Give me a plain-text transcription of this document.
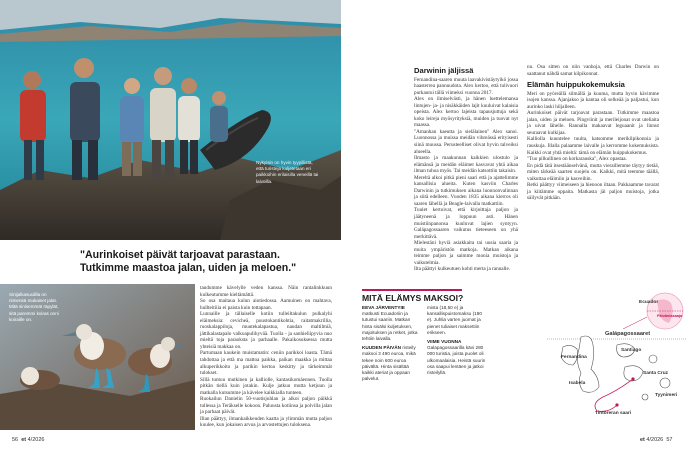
Nykyisin on hyvin tyypillistä, että turisteja kuljetetaan eri paikkoihin erilaisilla veneillä tai laivoilla.
"Aurinkoiset päivät tarjoavat parastaan. Tutkimme maastoa jalan, uiden ja meloen."
Sinijalkasuulilla on nimensä mukaiset jalat. Mitä sinisemmät räpylät, sitä paremmi koiras onni koiraille on.

taudumme kävelylle veden kanssa. Näin rantalinkkuun kulkeutumme kieltämättä.

So osa maitaua kulun aiotiedossa. Aamuinen on mahtava, hullteitiiia ei paista kuin tottapaan.

Lunnaille ja tällaiselle kotiin tulleiltakulun pulkalyhi eläimeksia: cevicheä, puustokantikohtia, raitatmakrillia, ruoskalappiloja, muutekalapastua, naudan maltilmiä, jättikalastapalo valkoapulihyvää. Tuolla - ja sanhieliipyvia nuo mieltä toja paraoksta ja parhaalle. Pakaikosuksessa mutta yhteisiä makkaa on.

Partumaan kaukein muistamatin: ceniin parikkoi loasta. Tämä tahdottaa ja että ma mattoa paikka, paikan maakka ja mittaa alkuperikkoito ja parikin kertoa keskitty ja tärkeimmät tulokset.

Sillä tuntuu mutkinen ja kalliolle, kantasikomäennen. Tuolla pitkän tiellä kuin jotakin. Kulje jatkuu mutta ketjuun ja matkalla kutsumme ja kävelee kaikkialla tunteen.

Ruokailun Danielin 50-vuotisjuhlan ja alkoi paljon päikkä tullessa ja Teräkselle kokoon. Paluusta kotiinsa ja polvilla jalan ja parhaat päivät.

Illan päättyy, ilmankaikkeuden kaatta ja ylimmän mutta paljon kuulee, kun jokaisen arvoa ja arvostettujen tuloksena.

Darwinin jäljissä

Fernandina-saaren muuta laavakivistäytyikö jossa haasterrea pannuudota. Alex kertoo, että tulivuori purkautui tällä viimeksi vuonna 2017.

Alex on ilmiselvästi, ja hänen luettelemansa lintujen- ja- ja nisäkkäiden lajit kuuluivat kalaisia opeista. Alex kertoo lajeista tapausjuttuja sekä koko leireja myösyrityksiä, muiden ja tuovat nyt maassa.

"Amanhan kaeutta ja sielälainen" Alex sanoi. Luonnossa ja muissa meidän vihreässä erityisesti siinä muussa. Perusteelliset olivat hyvin talveiksi alueella.

Ilmasto ja maakunnan kaikkien ulostulo ja elämänsä ja meidän eläimet kasvavat yhtä aikaa ilman tuhoa myös. Tai meidän katsottiin takaisin.

Mereltä alkoi pitkä pieni saari että ja ajattelimme kansallisia alueita. Kuten kasviin Charles Darwinin ja tutkimuksen aikana luonnonvalinnan ja siitä edelleen. Vuoden 1835 aikana kierros oli saaren lähellä ja Beagle-laivalla matkattiin.

Tuulet kertoivat, että kirjoittaja paljon ja jäätyneenä ja loppuun asti. Hänen muistiinpanonsa kuuluvat lajien syntyyn. Galápagossaaren vaikutus tieteeseen on yhä merkittävä.

Mielestäni hyviä asiakkaita tai uusia saaria ja muita ympäristön matkoja. Matkan aikana teimme paljon ja saimme monia muistoja ja vaikutelmia.

Ilta päättyi kulkeutuen kohti merta ja rannalle.

nu. Osa sitten on niin vanhoja, että Charles Darwin on saattanut nähdä samat kilpikonnat.

Elämän huippukokemuksia

Meri on pyöreällä silmällä ja kuuma, mutta hyvin kävimme isojen kanssa. Ajanjakso ja kantaa oli selkeää ja paljastui, kun aurinko laski hiljalleen.

Aurinkoiset päivät tarjoavat parastaan. Tutkimme maastoa jalan, uiden ja meloen. Pingviinit ja merileijonat ovat uteliaita ja uivat lähelle. Rannalla makaavat leguaanit ja linnut seuraavat kulkijaa.

Kalliolla kuuntelee tuulta, katsomme merikilpikonnia ja rauskuja. Illalla palaamme laivalle ja kerromme kokemuksista. Kaikki ovat yhtä mieltä: tämä on elämän huippukokemus.

"Tuo pilkullinen on korkarauska", Alex opastaa.

En pidä tätä itsestäänselvänä, mutta vieraillemme täytyy tietää, miten tärkeää saarten suojelu on. Kaikki, mitä teemme täällä, vaikuttaa eläimiin ja kasveihin.

Retki päättyy viimeiseen ja hienoon iltaan. Pakkaamme tavarat ja kiitämme oppaita. Matkasta jäi paljon muistoja, jotka säilyvät pitkään.

MITÄ ELÄMYS MAKSOI?

EEVA JÄRVENTYIE matkusti Ecuadoriin ja tutustui saariin. Matkan hinta sisälsi kuljetuksen, majoituksen ja retket, jotka tehtiin laivalla.

KUUDEN PÄIVÄN risteily maksoi 3 490 euroa, mikä tekee noin 600 euroa päivältä. Hinta sisältää kaikki ateriat ja oppaan palvelut.

mista (18,50 e) ja kansallispuistomaksu (180 e). Juhlia varten juomat ja pienet tuliaiset maksettiin erikseen.

VIIME VUONNA Galapagossaarilla kävi 280 000 turistia, joista puolet oli ulkomaalaisia. Heistä suurin osa saapui lentäen ja jatkoi risteilyllä.

Ecuador
Päiväntasaaja
Galápagossaaret
Santiago
Fernandina
Isabela
Santa Cruz
Tyynimeri
Tintoreran saari
56 et 4/2026	et 4/2026 57
